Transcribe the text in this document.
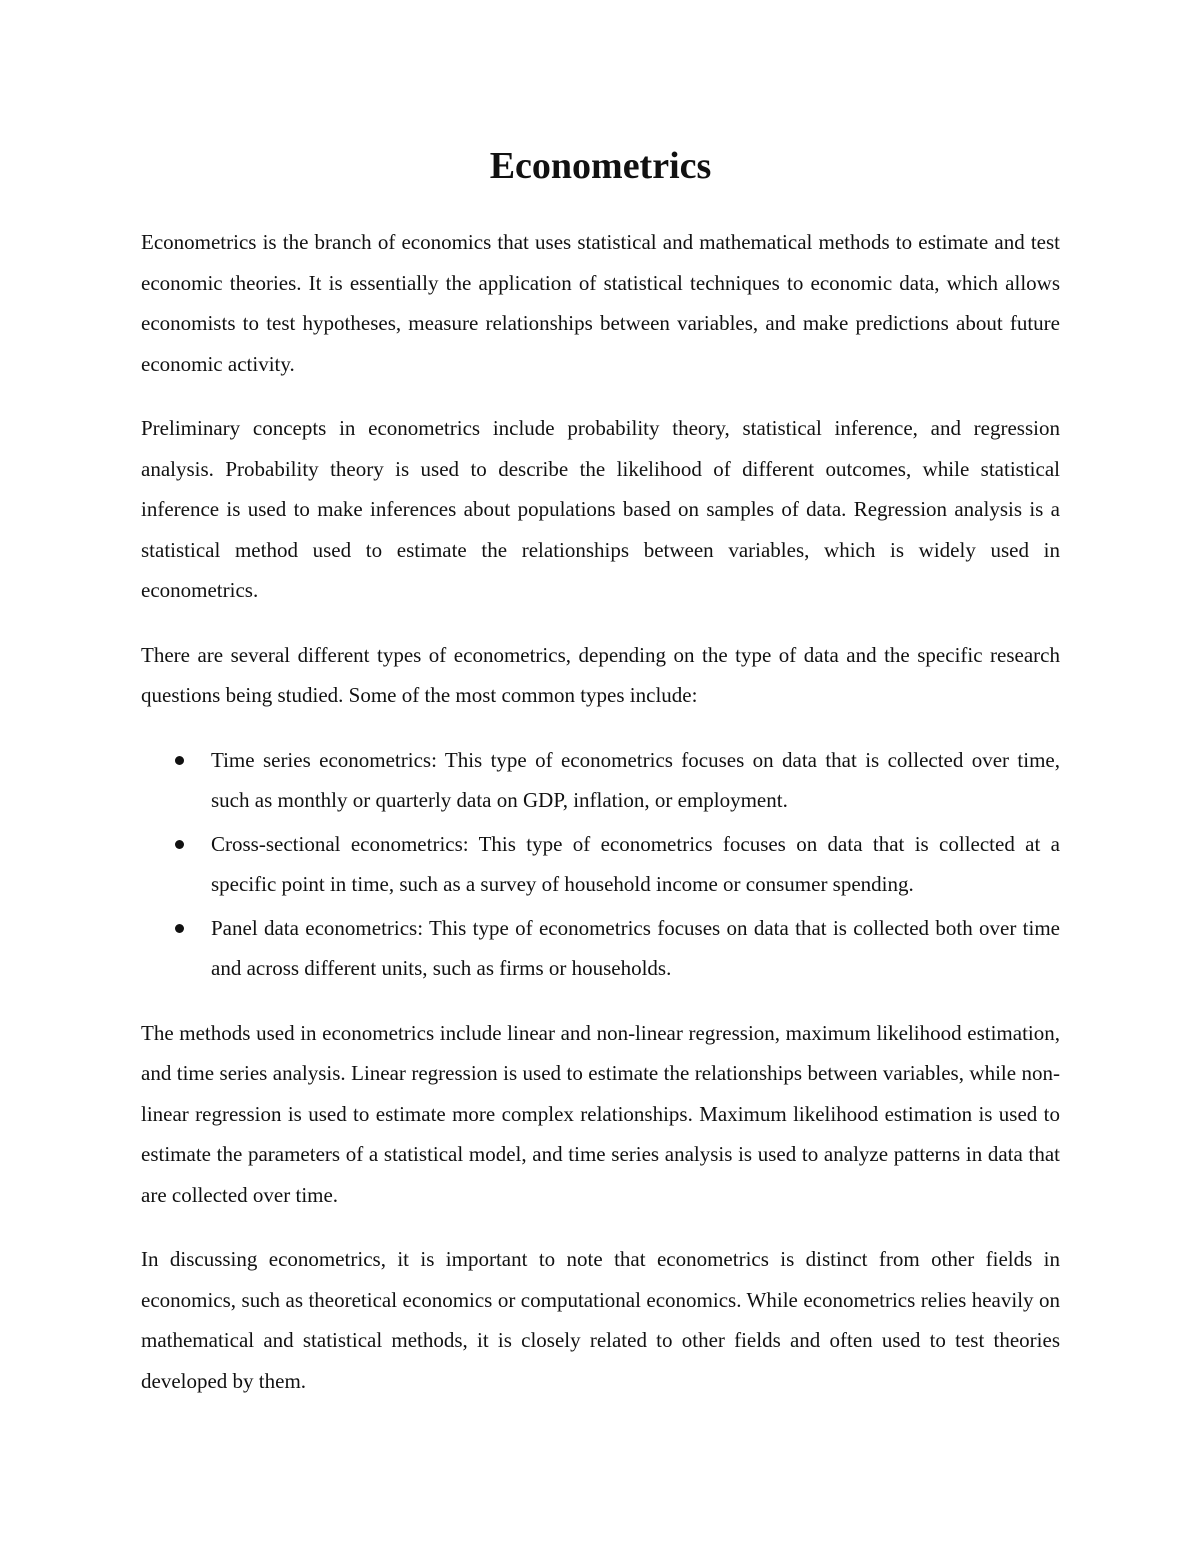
Econometrics

Econometrics is the branch of economics that uses statistical and mathematical methods to estimate and test economic theories. It is essentially the application of statistical techniques to economic data, which allows economists to test hypotheses, measure relationships between variables, and make predictions about future economic activity.

Preliminary concepts in econometrics include probability theory, statistical inference, and regression analysis. Probability theory is used to describe the likelihood of different outcomes, while statistical inference is used to make inferences about populations based on samples of data. Regression analysis is a statistical method used to estimate the relationships between variables, which is widely used in econometrics.

There are several different types of econometrics, depending on the type of data and the specific research questions being studied. Some of the most common types include:

Time series econometrics: This type of econometrics focuses on data that is collected over time, such as monthly or quarterly data on GDP, inflation, or employment.
Cross-sectional econometrics: This type of econometrics focuses on data that is collected at a specific point in time, such as a survey of household income or consumer spending.
Panel data econometrics: This type of econometrics focuses on data that is collected both over time and across different units, such as firms or households.

The methods used in econometrics include linear and non-linear regression, maximum likelihood estimation, and time series analysis. Linear regression is used to estimate the relationships between variables, while non-linear regression is used to estimate more complex relationships. Maximum likelihood estimation is used to estimate the parameters of a statistical model, and time series analysis is used to analyze patterns in data that are collected over time.

In discussing econometrics, it is important to note that econometrics is distinct from other fields in economics, such as theoretical economics or computational economics. While econometrics relies heavily on mathematical and statistical methods, it is closely related to other fields and often used to test theories developed by them.
